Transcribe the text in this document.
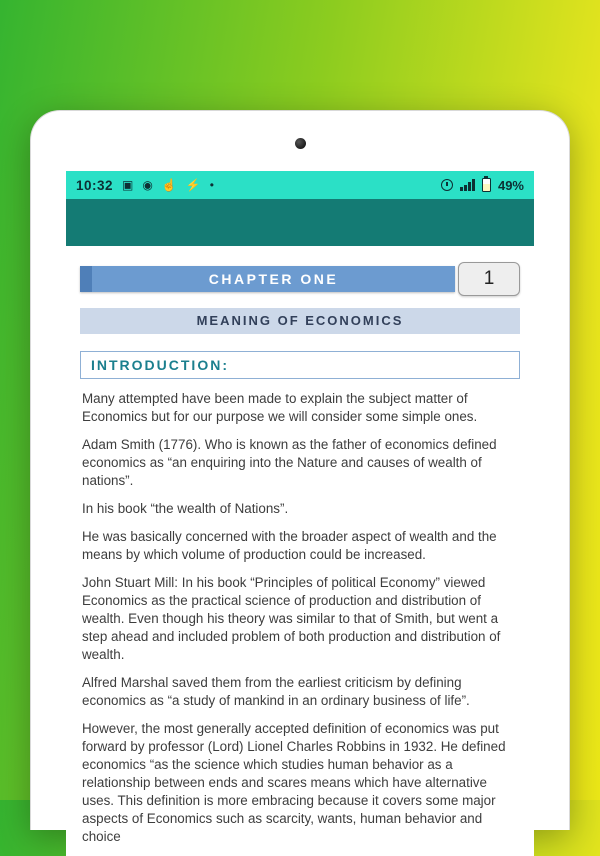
10:32 ▣ ◉ ☝ ⚡ •	49%
CHAPTER ONE	1
MEANING OF ECONOMICS
INTRODUCTION:

Many attempted have been made to explain the subject matter of Economics but for our purpose we will consider some simple ones.

Adam Smith (1776). Who is known as the father of economics defined economics as “an enquiring into the Nature and causes of wealth of nations”.

In his book “the wealth of Nations”.

He was basically concerned with the broader aspect of wealth and the means by which volume of production could be increased.

John Stuart Mill: In his book “Principles of political Economy” viewed Economics as the practical science of production and distribution of wealth. Even though his theory was similar to that of Smith, but went a step ahead and included problem of both production and distribution of wealth.

Alfred Marshal saved them from the earliest criticism by defining economics as “a study of mankind in an ordinary business of life”.

However, the most generally accepted definition of economics was put forward by professor (Lord) Lionel Charles Robbins in 1932. He defined economics “as the science which studies human behavior as a relationship between ends and scares means which have alternative uses. This definition is more embracing because it covers some major aspects of Economics such as scarcity, wants, human behavior and choice
